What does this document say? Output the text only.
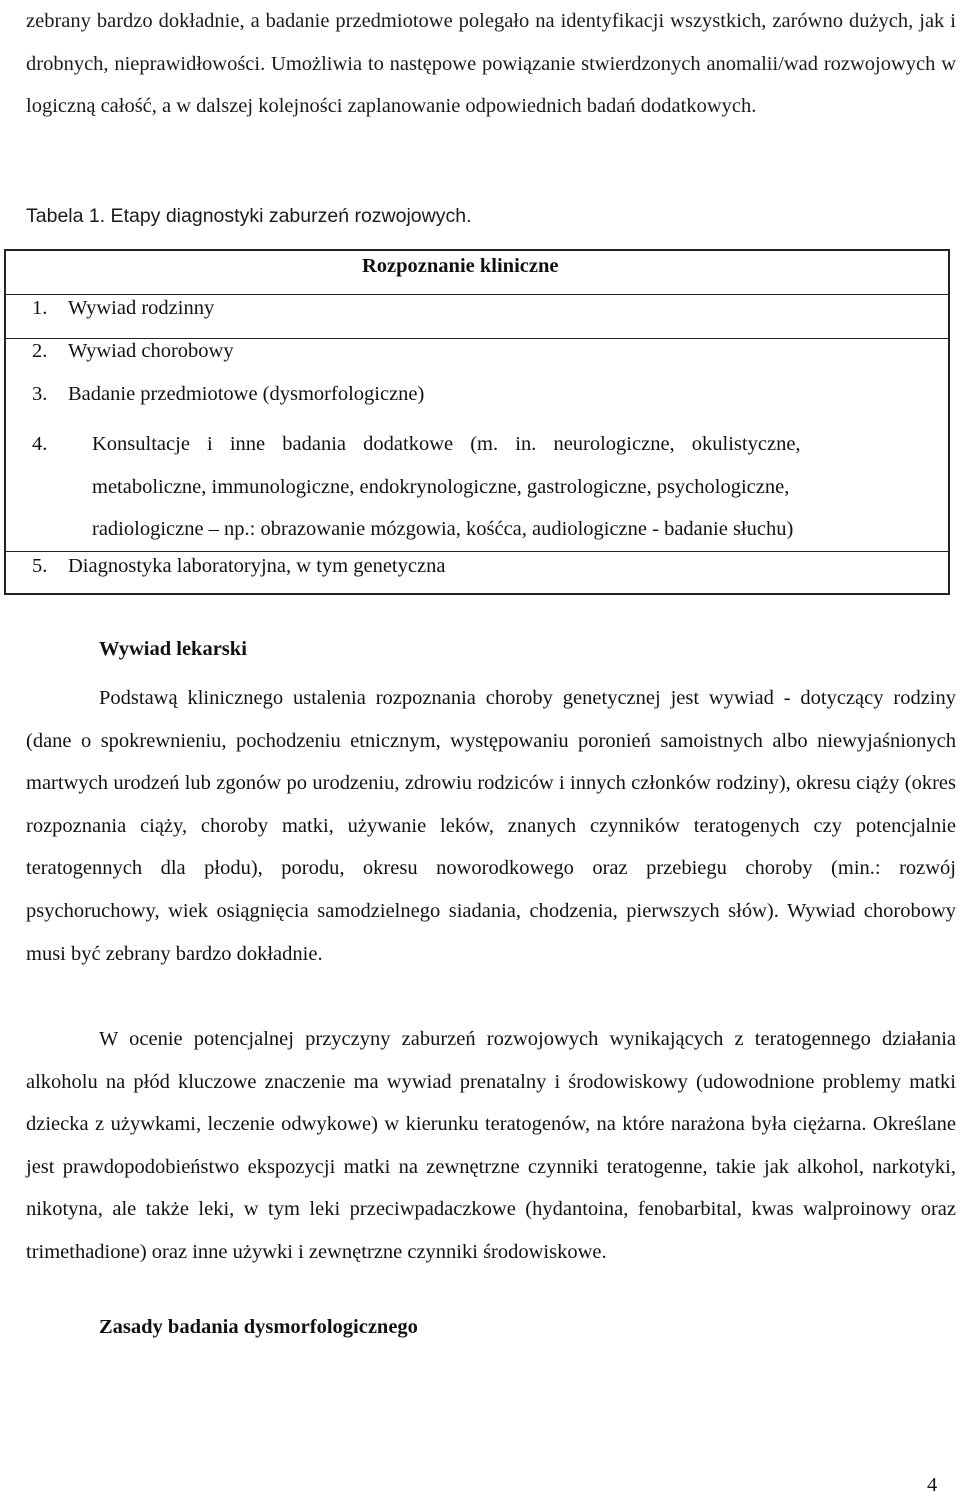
zebrany bardzo dokładnie, a badanie przedmiotowe polegało na identyfikacji wszystkich, zarówno dużych, jak i drobnych, nieprawidłowości. Umożliwia to następowe powiązanie stwierdzonych anomalii/wad rozwojowych w logiczną całość, a w dalszej kolejności zaplanowanie odpowiednich badań dodatkowych.

Tabela 1. Etapy diagnostyki zaburzeń rozwojowych.

Rozpoznanie kliniczne
1. Wywiad rodzinny
2. Wywiad chorobowy
3. Badanie przedmiotowe (dysmorfologiczne)
4. Konsultacje i inne badania dodatkowe (m. in. neurologiczne, okulistyczne,
metaboliczne, immunologiczne, endokrynologiczne, gastrologiczne, psychologiczne,
radiologiczne – np.: obrazowanie mózgowia, kośćca, audiologiczne - badanie słuchu)
5. Diagnostyka laboratoryjna, w tym genetyczna

Wywiad lekarski

Podstawą klinicznego ustalenia rozpoznania choroby genetycznej jest wywiad - dotyczący rodziny (dane o spokrewnieniu, pochodzeniu etnicznym, występowaniu poronień samoistnych albo niewyjaśnionych martwych urodzeń lub zgonów po urodzeniu, zdrowiu rodziców i innych członków rodziny), okresu ciąży (okres rozpoznania ciąży, choroby matki, używanie leków, znanych czynników teratogenych czy potencjalnie teratogennych dla płodu), porodu, okresu noworodkowego oraz przebiegu choroby (min.: rozwój psychoruchowy, wiek osiągnięcia samodzielnego siadania, chodzenia, pierwszych słów). Wywiad chorobowy musi być zebrany bardzo dokładnie.

W ocenie potencjalnej przyczyny zaburzeń rozwojowych wynikających z teratogennego działania alkoholu na płód kluczowe znaczenie ma wywiad prenatalny i środowiskowy (udowodnione problemy matki dziecka z używkami, leczenie odwykowe) w kierunku teratogenów, na które narażona była ciężarna. Określane jest prawdopodobieństwo ekspozycji matki na zewnętrzne czynniki teratogenne, takie jak alkohol, narkotyki, nikotyna, ale także leki, w tym leki przeciwpadaczkowe (hydantoina, fenobarbital, kwas walproinowy oraz trimethadione) oraz inne używki i zewnętrzne czynniki środowiskowe.

Zasady badania dysmorfologicznego

4
